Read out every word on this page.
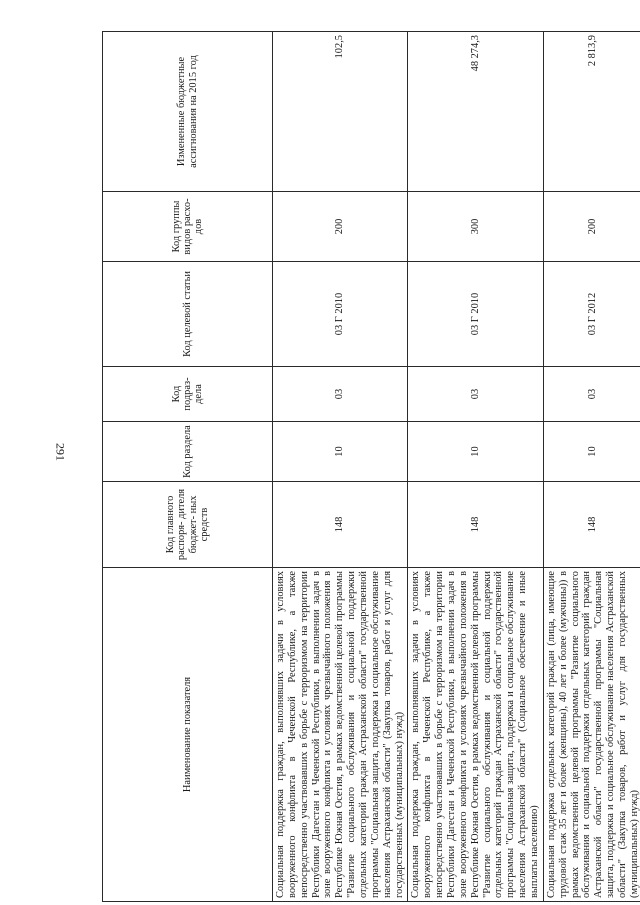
291
Наименование показателя	Код главного распоря- дителя бюджет- ных средств	Код раздела	Код подраз- дела	Код целевой статьи	Код группы видов расхо- дов	Измененные бюджетные ассигнования на 2015 год
Социальная поддержка граждан, выполнявших задачи в условиях вооруженного конфликта в Чеченской Республике, а также непосредственно участвовавших в борьбе с терроризмом на территории Республики Дагестан и Чеченской Республики, в выполнении задач в зоне вооруженного конфликта и условиях чрезвычайного положения в Республике Южная Осетия, в рамках ведомственной целевой программы "Развитие социального обслуживания и социальной поддержки отдельных категорий граждан Астраханской области" государственной программы "Социальная защита, поддержка и социальное обслуживание населения Астраханской области" (Закупка товаров, работ и услуг для государственных (муниципальных) нужд)	148	10	03	03 Г 2010	200	102,5
Социальная поддержка граждан, выполнявших задачи в условиях вооруженного конфликта в Чеченской Республике, а также непосредственно участвовавших в борьбе с терроризмом на территории Республики Дагестан и Чеченской Республики, в выполнении задач в зоне вооруженного конфликта и условиях чрезвычайного положения в Республике Южная Осетия, в рамках ведомственной целевой программы "Развитие социального обслуживания и социальной поддержки отдельных категорий граждан Астраханской области" государственной программы "Социальная защита, поддержка и социальное обслуживание населения Астраханской области" (Социальное обеспечение и иные выплаты населению)	148	10	03	03 Г 2010	300	48 274,3
Социальная поддержка отдельных категорий граждан (лица, имеющие трудовой стаж 35 лет и более (женщины), 40 лет и более (мужчины)) в рамках ведомственной целевой программы "Развитие социального обслуживания и социальной поддержки отдельных категорий граждан Астраханской области" государственной программы "Социальная защита, поддержка и социальное обслуживание населения Астраханской области" (Закупка товаров, работ и услуг для государственных (муниципальных) нужд)	148	10	03	03 Г 2012	200	2 813,9
